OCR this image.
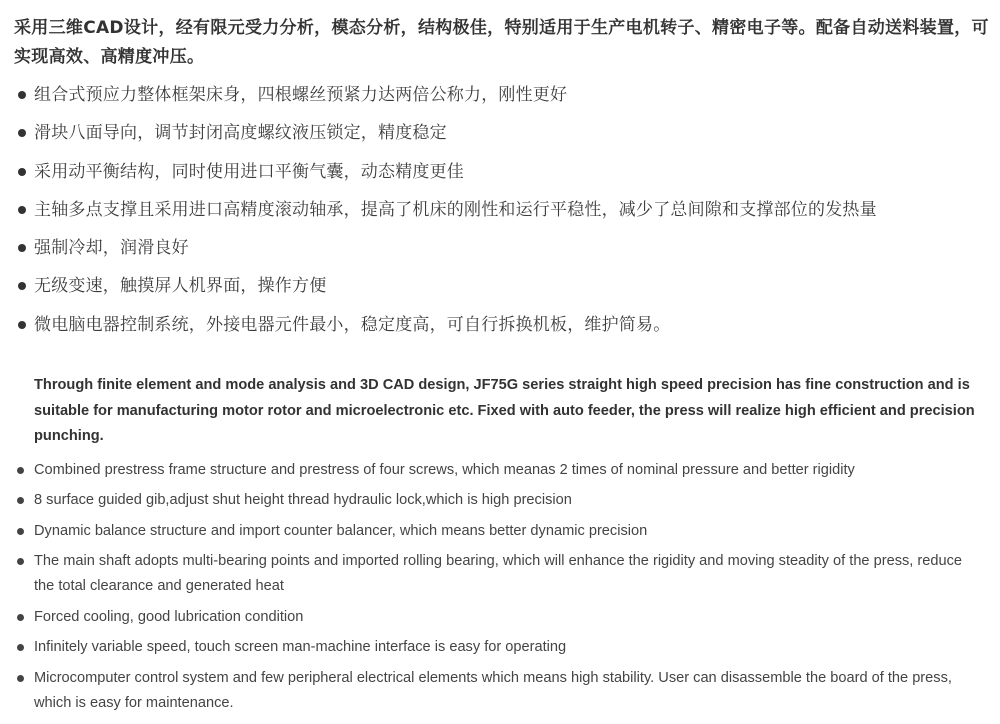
采用三维CAD设计，经有限元受力分析，模态分析，结构极佳，特别适用于生产电机转子、精密电子等。配备自动送料装置，可实现高效、高精度冲压。

组合式预应力整体框架床身，四根螺丝预紧力达两倍公称力，刚性更好
滑块八面导向，调节封闭高度螺纹液压锁定，精度稳定
采用动平衡结构，同时使用进口平衡气囊，动态精度更佳
主轴多点支撑且采用进口高精度滚动轴承，提高了机床的刚性和运行平稳性，减少了总间隙和支撑部位的发热量
强制冷却，润滑良好
无级变速，触摸屏人机界面，操作方便
微电脑电器控制系统，外接电器元件最小，稳定度高，可自行拆换机板，维护简易。

Through finite element and mode analysis and 3D CAD design, JF75G series straight high speed precision has fine construction and is suitable for manufacturing motor rotor and microelectronic etc. Fixed with auto feeder, the press will realize high efficient and precision punching.

Combined prestress frame structure and prestress of four screws, which meanas 2 times of nominal pressure and better rigidity
8 surface guided gib,adjust shut height thread hydraulic lock,which is high precision
Dynamic balance structure and import counter balancer, which means better dynamic precision
The main shaft adopts multi-bearing points and imported rolling bearing, which will enhance the rigidity and moving steadity of the press, reduce the total clearance and generated heat
Forced cooling, good lubrication condition
Infinitely variable speed, touch screen man-machine interface is easy for operating
Microcomputer control system and few peripheral electrical elements which means high stability. User can disassemble the board of the press, which is easy for maintenance.
